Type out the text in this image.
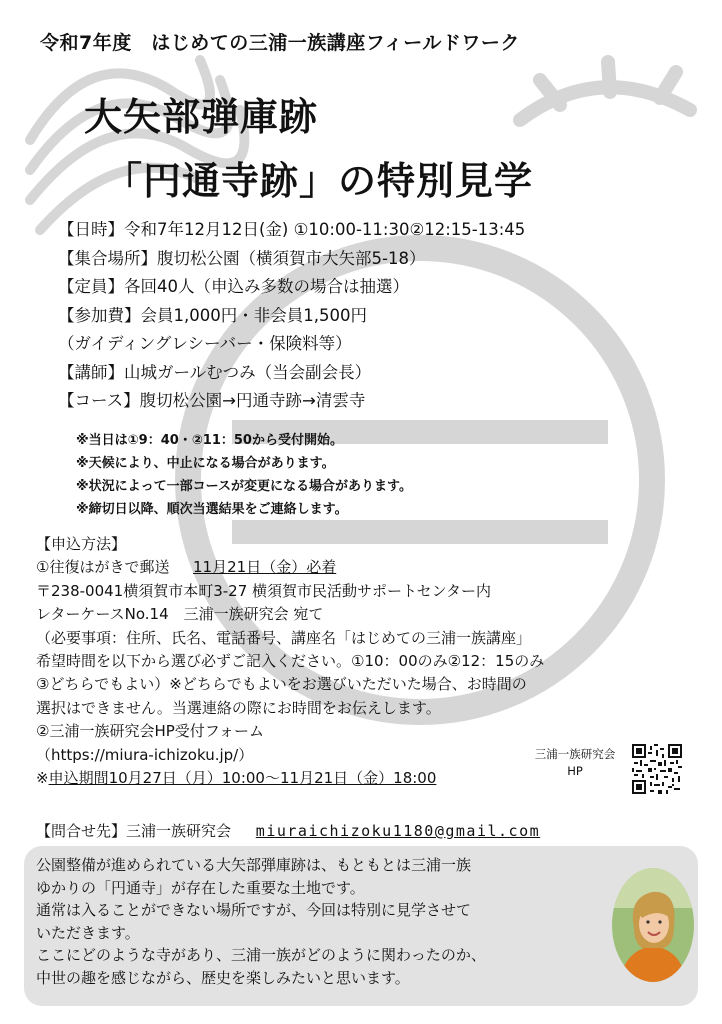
令和7年度　はじめての三浦一族講座フィールドワーク
大矢部弾庫跡
「円通寺跡」の特別見学
【日時】令和7年12月12日(金) ①10:00-11:30②12:15-13:45
【集合場所】腹切松公園（横須賀市大矢部5-18）
【定員】各回40人（申込み多数の場合は抽選）
【参加費】会員1,000円・非会員1,500円
（ガイディングレシーバー・保険料等）
【講師】山城ガールむつみ（当会副会長）
【コース】腹切松公園→円通寺跡→清雲寺
※当日は①9：40・②11：50から受付開始。
※天候により、中止になる場合があります。
※状況によって一部コースが変更になる場合があります。
※締切日以降、順次当選結果をご連絡します。
【申込方法】
①往復はがきで郵送 11月21日（金）必着
〒238-0041横須賀市本町3-27 横須賀市民活動サポートセンター内
レターケースNo.14　三浦一族研究会 宛て
（必要事項：住所、氏名、電話番号、講座名「はじめての三浦一族講座」
希望時間を以下から選び必ずご記入ください。①10：00のみ②12：15のみ
③どちらでもよい）※どちらでもよいをお選びいただいた場合、お時間の
選択はできません。当選連絡の際にお時間をお伝えします。
②三浦一族研究会HP受付フォーム
（https://miura-ichizoku.jp/）
※申込期間10月27日（月）10:00～11月21日（金）18:00
三浦一族研究会
HP
【問合せ先】三浦一族研究会 miuraichizoku1180@gmail.com
公園整備が進められている大矢部弾庫跡は、もともとは三浦一族
ゆかりの「円通寺」が存在した重要な土地です。
通常は入ることができない場所ですが、今回は特別に見学させて
いただきます。
ここにどのような寺があり、三浦一族がどのように関わったのか、
中世の趣を感じながら、歴史を楽しみたいと思います。
